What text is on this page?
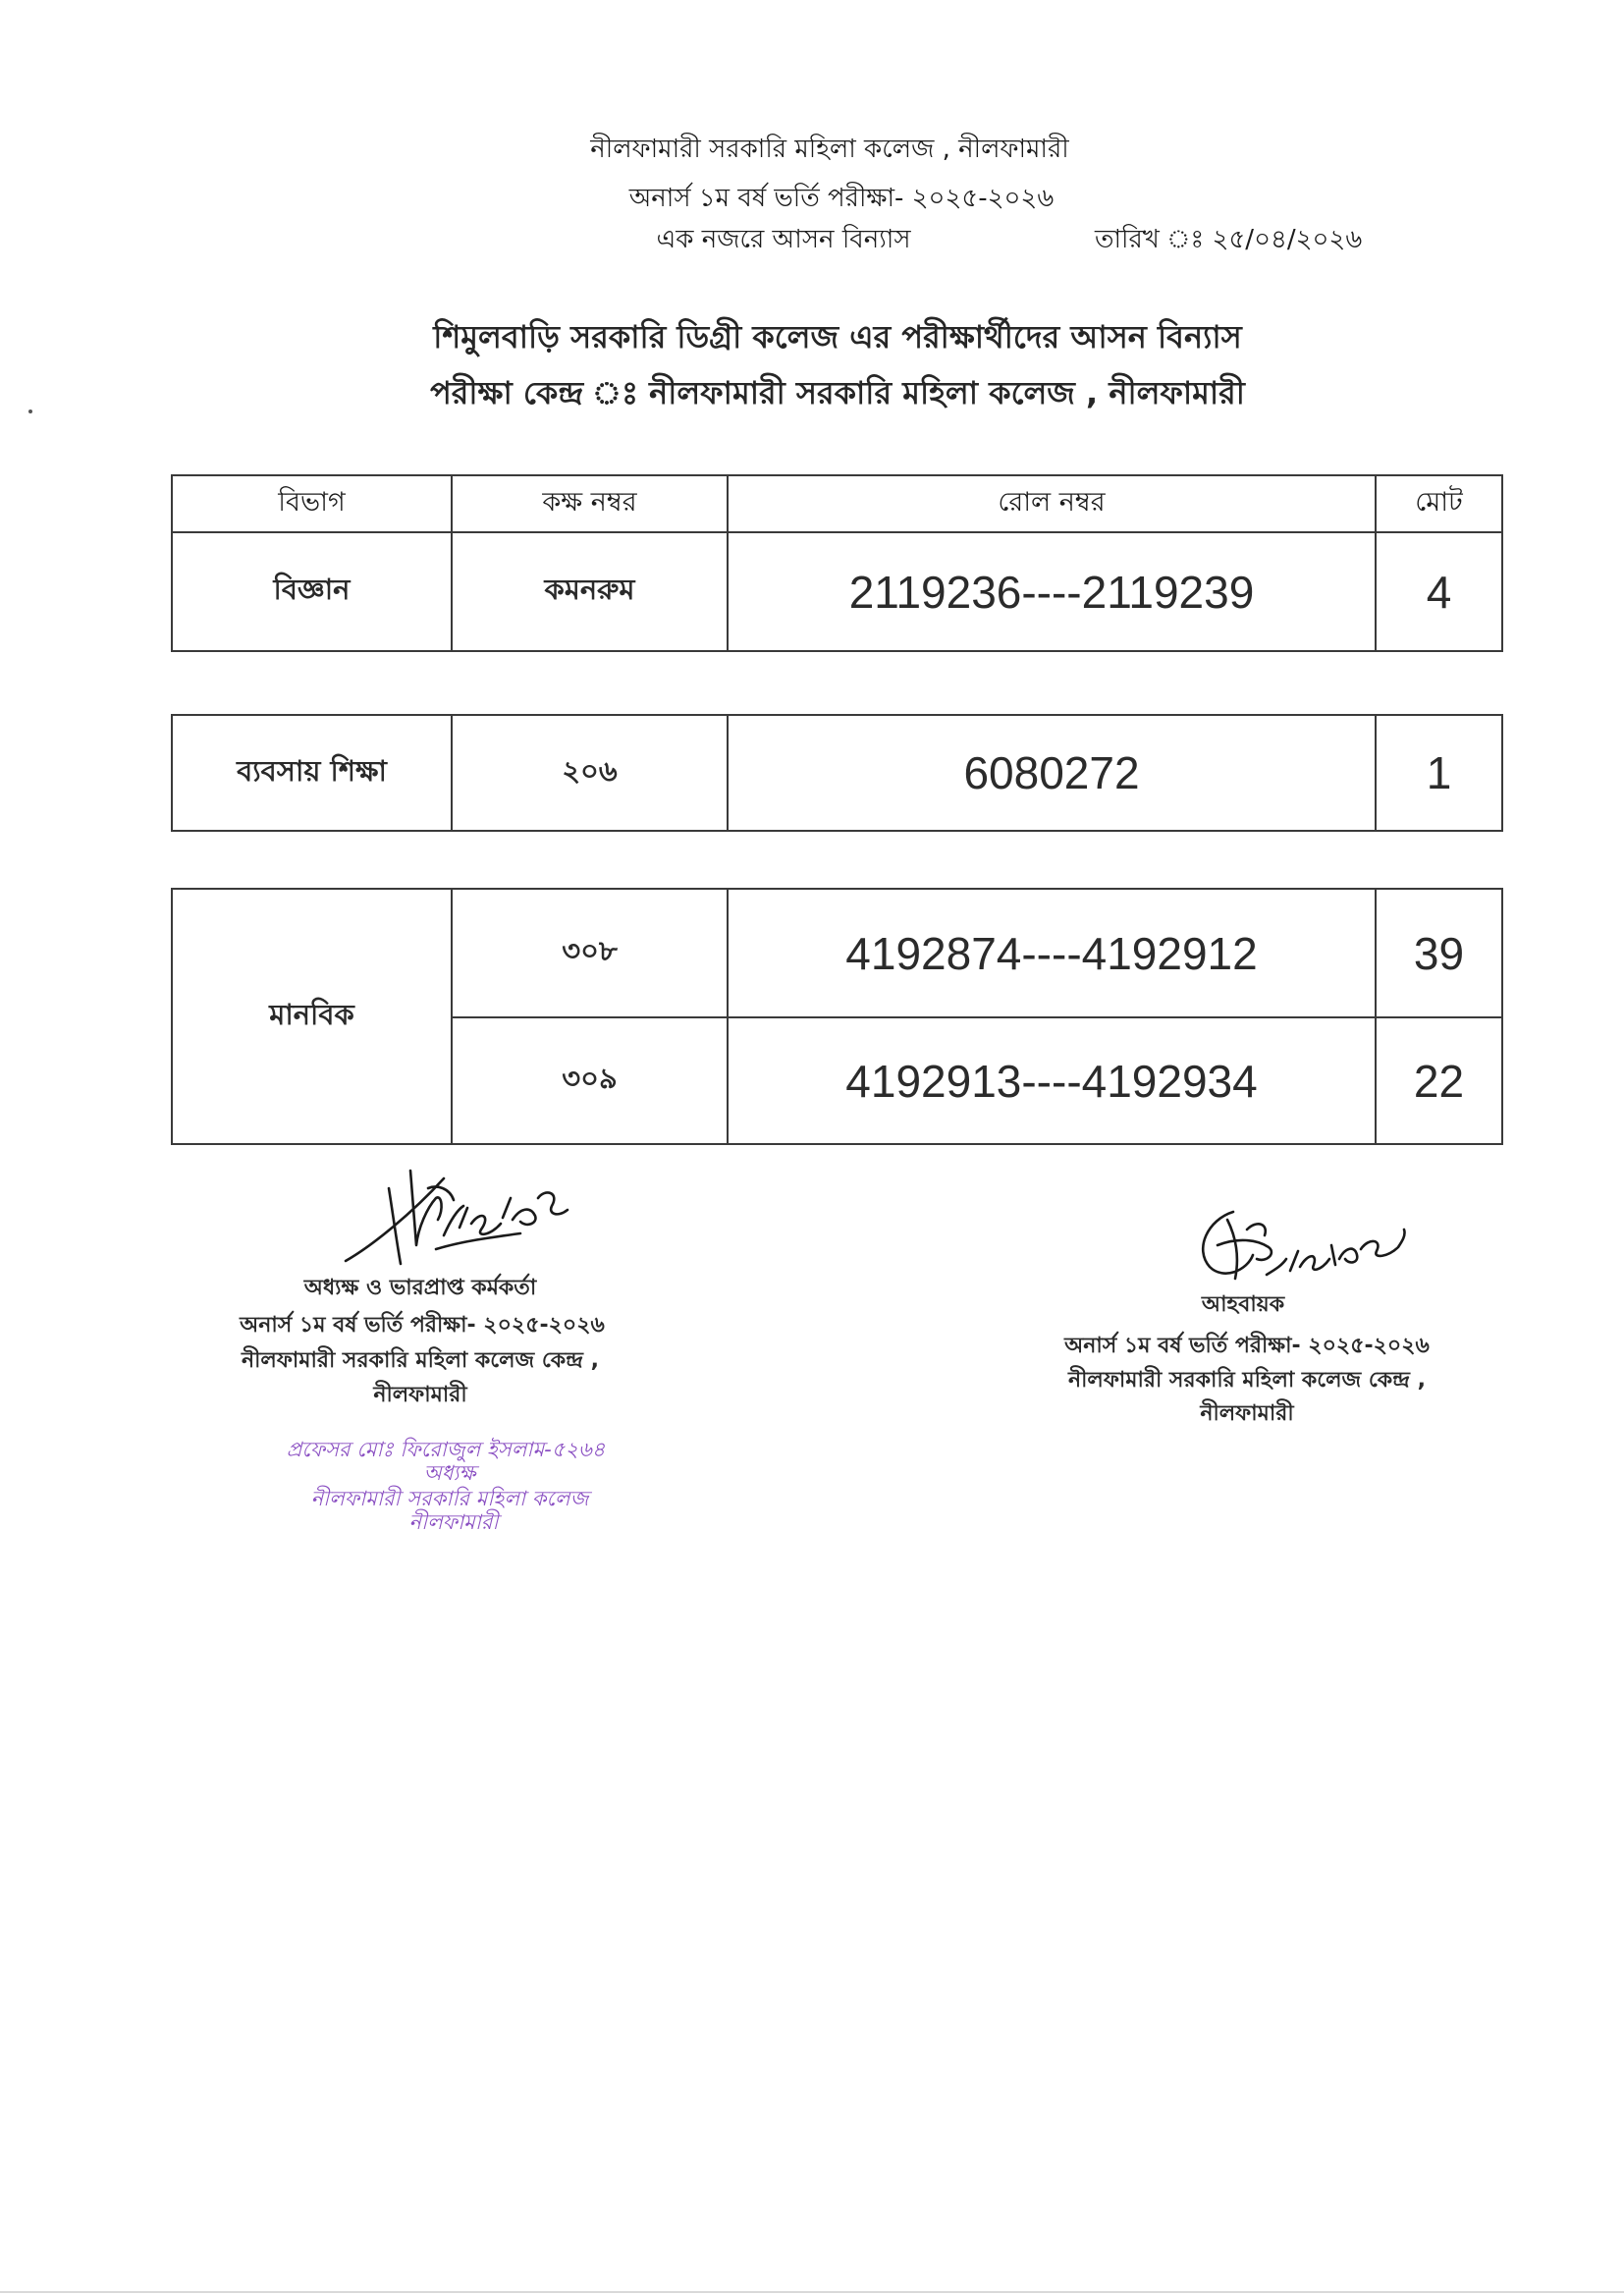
নীলফামারী সরকারি মহিলা কলেজ , নীলফামারী
অনার্স ১ম বর্ষ ভর্তি পরীক্ষা- ২০২৫-২০২৬
এক নজরে আসন বিন্যাস	তারিখ ঃ ২৫/০৪/২০২৬
শিমুলবাড়ি সরকারি ডিগ্রী কলেজ এর পরীক্ষার্থীদের আসন বিন্যাস
পরীক্ষা কেন্দ্র ঃ নীলফামারী সরকারি মহিলা কলেজ , নীলফামারী
বিভাগ	কক্ষ নম্বর	রোল নম্বর	মোট
বিজ্ঞান	কমনরুম	2119236----2119239	4
ব্যবসায় শিক্ষা	২০৬	6080272	1
মানবিক	৩০৮	4192874----4192912	39
	৩০৯	4192913----4192934	22
অধ্যক্ষ ও ভারপ্রাপ্ত কর্মকর্তা
অনার্স ১ম বর্ষ ভর্তি পরীক্ষা- ২০২৫-২০২৬
নীলফামারী সরকারি মহিলা কলেজ কেন্দ্র ,
নীলফামারী
প্রফেসর মোঃ ফিরোজুল ইসলাম-৫২৬৪
অধ্যক্ষ
নীলফামারী সরকারি মহিলা কলেজ
নীলফামারী
আহবায়ক
অনার্স ১ম বর্ষ ভর্তি পরীক্ষা- ২০২৫-২০২৬
নীলফামারী সরকারি মহিলা কলেজ কেন্দ্র ,
নীলফামারী
